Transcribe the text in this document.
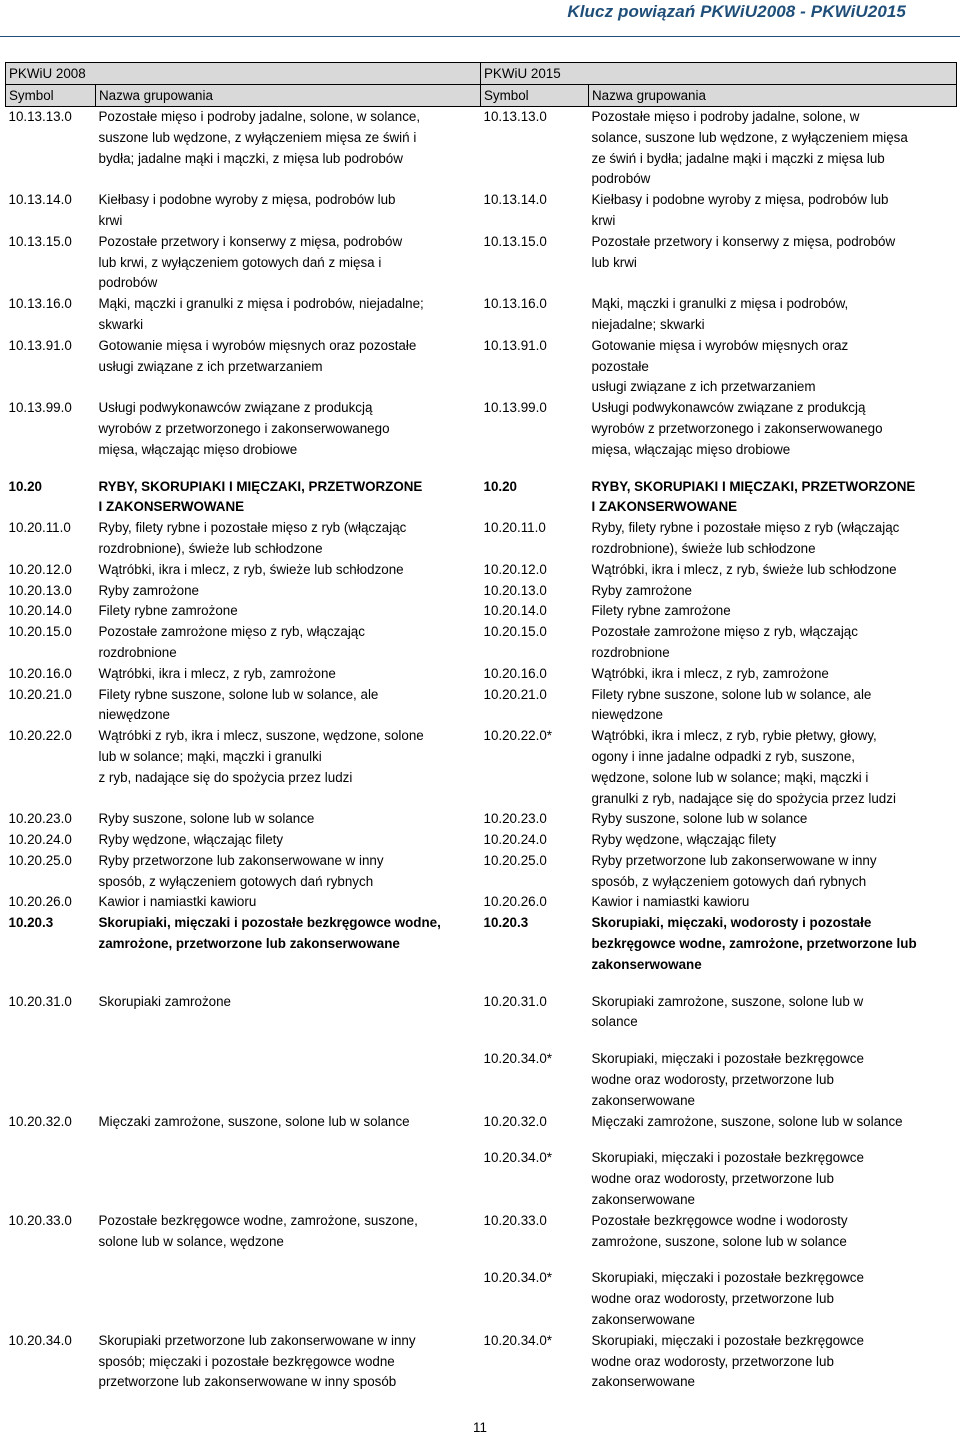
Klucz powiązań PKWiU2008 - PKWiU2015
PKWiU 2008		PKWiU 2015	
Symbol	Nazwa grupowania	Symbol	Nazwa grupowania
10.13.13.0	Pozostałe mięso i podroby jadalne, solone, w solance,
suszone lub wędzone, z wyłączeniem mięsa ze świń i
bydła; jadalne mąki i mączki, z mięsa lub podrobów	10.13.13.0	Pozostałe mięso i podroby jadalne, solone, w
solance, suszone lub wędzone, z wyłączeniem mięsa
ze świń i bydła; jadalne mąki i mączki z mięsa lub
podrobów
10.13.14.0	Kiełbasy i podobne wyroby z mięsa, podrobów lub
krwi	10.13.14.0	Kiełbasy i podobne wyroby z mięsa, podrobów lub
krwi
10.13.15.0	Pozostałe przetwory i konserwy z mięsa, podrobów
lub krwi, z wyłączeniem gotowych dań z mięsa i
podrobów	10.13.15.0	Pozostałe przetwory i konserwy z mięsa, podrobów
lub krwi
10.13.16.0	Mąki, mączki i granulki z mięsa i podrobów, niejadalne;
skwarki	10.13.16.0	Mąki, mączki i granulki z mięsa i podrobów,
niejadalne; skwarki
10.13.91.0	Gotowanie mięsa i wyrobów mięsnych oraz pozostałe
usługi związane z ich przetwarzaniem	10.13.91.0	Gotowanie mięsa i wyrobów mięsnych oraz
pozostałe
usługi związane z ich przetwarzaniem
10.13.99.0	Usługi podwykonawców związane z produkcją
wyrobów z przetworzonego i zakonserwowanego
mięsa, włączając mięso drobiowe	10.13.99.0	Usługi podwykonawców związane z produkcją
wyrobów z przetworzonego i zakonserwowanego
mięsa, włączając mięso drobiowe

10.20	RYBY, SKORUPIAKI I MIĘCZAKI, PRZETWORZONE
I ZAKONSERWOWANE	10.20	RYBY, SKORUPIAKI I MIĘCZAKI, PRZETWORZONE
I ZAKONSERWOWANE
10.20.11.0	Ryby, filety rybne i pozostałe mięso z ryb (włączając
rozdrobnione), świeże lub schłodzone	10.20.11.0	Ryby, filety rybne i pozostałe mięso z ryb (włączając
rozdrobnione), świeże lub schłodzone
10.20.12.0	Wątróbki, ikra i mlecz, z ryb, świeże lub schłodzone	10.20.12.0	Wątróbki, ikra i mlecz, z ryb, świeże lub schłodzone
10.20.13.0	Ryby zamrożone	10.20.13.0	Ryby zamrożone
10.20.14.0	Filety rybne zamrożone	10.20.14.0	Filety rybne zamrożone
10.20.15.0	Pozostałe zamrożone mięso z ryb, włączając
rozdrobnione	10.20.15.0	Pozostałe zamrożone mięso z ryb, włączając
rozdrobnione
10.20.16.0	Wątróbki, ikra i mlecz, z ryb, zamrożone	10.20.16.0	Wątróbki, ikra i mlecz, z ryb, zamrożone
10.20.21.0	Filety rybne suszone, solone lub w solance, ale
niewędzone	10.20.21.0	Filety rybne suszone, solone lub w solance, ale
niewędzone
10.20.22.0	Wątróbki z ryb, ikra i mlecz, suszone, wędzone, solone
lub w solance; mąki, mączki i granulki
z ryb, nadające się do spożycia przez ludzi	10.20.22.0*	Wątróbki, ikra i mlecz, z ryb, rybie płetwy, głowy,
ogony i inne jadalne odpadki z ryb, suszone,
wędzone, solone lub w solance; mąki, mączki i
granulki z ryb, nadające się do spożycia przez ludzi
10.20.23.0	Ryby suszone, solone lub w solance	10.20.23.0	Ryby suszone, solone lub w solance
10.20.24.0	Ryby wędzone, włączając filety	10.20.24.0	Ryby wędzone, włączając filety
10.20.25.0	Ryby przetworzone lub zakonserwowane w inny
sposób, z wyłączeniem gotowych dań rybnych	10.20.25.0	Ryby przetworzone lub zakonserwowane w inny
sposób, z wyłączeniem gotowych dań rybnych
10.20.26.0	Kawior i namiastki kawioru	10.20.26.0	Kawior i namiastki kawioru
10.20.3	Skorupiaki, mięczaki i pozostałe bezkręgowce wodne,
zamrożone, przetworzone lub zakonserwowane	10.20.3	Skorupiaki, mięczaki, wodorosty i pozostałe
bezkręgowce wodne, zamrożone, przetworzone lub
zakonserwowane

10.20.31.0	Skorupiaki zamrożone	10.20.31.0	Skorupiaki zamrożone, suszone, solone lub w
solance

		10.20.34.0*	Skorupiaki, mięczaki i pozostałe bezkręgowce
wodne oraz wodorosty, przetworzone lub
zakonserwowane
10.20.32.0	Mięczaki zamrożone, suszone, solone lub w solance	10.20.32.0	Mięczaki zamrożone, suszone, solone lub w solance

		10.20.34.0*	Skorupiaki, mięczaki i pozostałe bezkręgowce
wodne oraz wodorosty, przetworzone lub
zakonserwowane
10.20.33.0	Pozostałe bezkręgowce wodne, zamrożone, suszone,
solone lub w solance, wędzone	10.20.33.0	Pozostałe bezkręgowce wodne i wodorosty
zamrożone, suszone, solone lub w solance

		10.20.34.0*	Skorupiaki, mięczaki i pozostałe bezkręgowce
wodne oraz wodorosty, przetworzone lub
zakonserwowane
10.20.34.0	Skorupiaki przetworzone lub zakonserwowane w inny
sposób; mięczaki i pozostałe bezkręgowce wodne
przetworzone lub zakonserwowane w inny sposób	10.20.34.0*	Skorupiaki, mięczaki i pozostałe bezkręgowce
wodne oraz wodorosty, przetworzone lub
zakonserwowane
11
